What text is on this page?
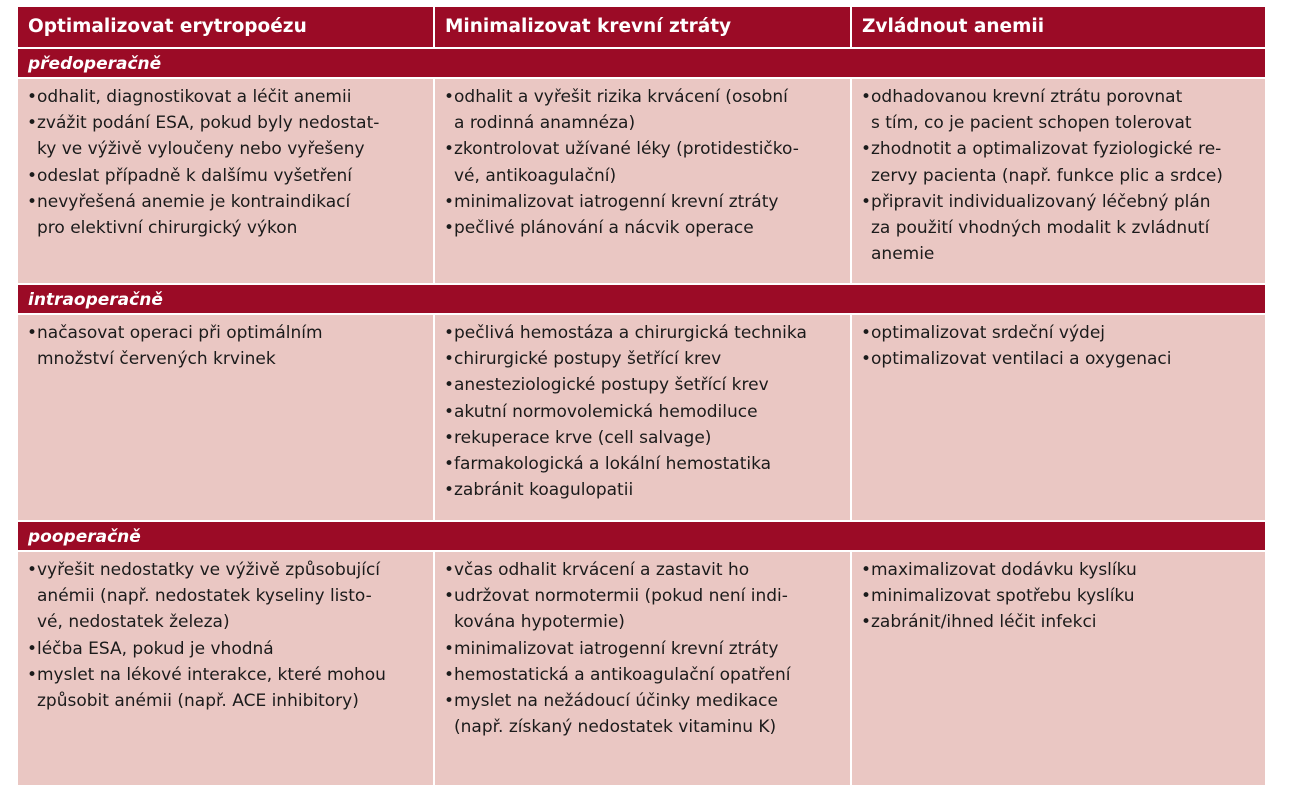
Optimalizovat erytropoézu	Minimalizovat krevní ztráty	Zvládnout anemii
předoperačně
• odhalit, diagnostikovat a léčit anemii
• zvážit podání ESA, pokud byly nedostat-
ky ve výživě vyloučeny nebo vyřešeny
• odeslat případně k dalšímu vyšetření
• nevyřešená anemie je kontraindikací
pro elektivní chirurgický výkon
• odhalit a vyřešit rizika krvácení (osobní
a rodinná anamnéza)
• zkontrolovat užívané léky (protidestičko-
vé, antikoagulační)
• minimalizovat iatrogenní krevní ztráty
• pečlivé plánování a nácvik operace
• odhadovanou krevní ztrátu porovnat
s tím, co je pacient schopen tolerovat
• zhodnotit a optimalizovat fyziologické re-
zervy pacienta (např. funkce plic a srdce)
• připravit individualizovaný léčebný plán
za použití vhodných modalit k zvládnutí
anemie
intraoperačně
• načasovat operaci při optimálním
množství červených krvinek
• pečlivá hemostáza a chirurgická technika
• chirurgické postupy šetřící krev
• anesteziologické postupy šetřící krev
• akutní normovolemická hemodiluce
• rekuperace krve (cell salvage)
• farmakologická a lokální hemostatika
• zabránit koagulopatii
• optimalizovat srdeční výdej
• optimalizovat ventilaci a oxygenaci
pooperačně
• vyřešit nedostatky ve výživě způsobující
anémii (např. nedostatek kyseliny listo-
vé, nedostatek železa)
• léčba ESA, pokud je vhodná
• myslet na lékové interakce, které mohou
způsobit anémii (např. ACE inhibitory)
• včas odhalit krvácení a zastavit ho
• udržovat normotermii (pokud není indi-
kována hypotermie)
• minimalizovat iatrogenní krevní ztráty
• hemostatická a antikoagulační opatření
• myslet na nežádoucí účinky medikace
(např. získaný nedostatek vitaminu K)
• maximalizovat dodávku kyslíku
• minimalizovat spotřebu kyslíku
• zabránit/ihned léčit infekci
